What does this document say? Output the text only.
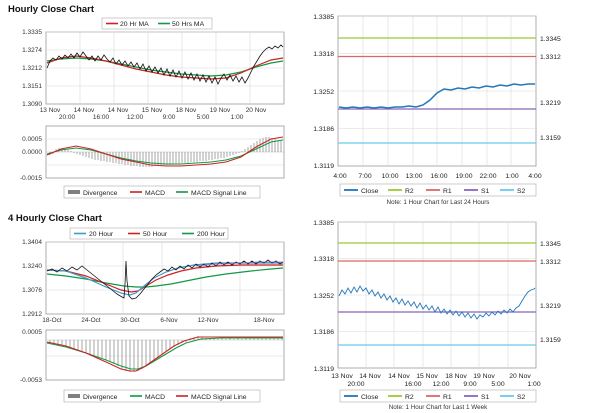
Hourly Close Chart
20 Hr MA	50 Hrs MA
1.3335
1.3274
1.3212
1.3151
1.3090
13 Nov 14 Nov 14 Nov 15 Nov 18 Nov 19 Nov 20 Nov
20:00	16:00	12:00	9:00	5:00	1:00
0.0005
0.0000
-0.0015
Divergence	MACD	MACD Signal Line
1.3385
1.3318
1.3252
1.3186
1.3119
1.3345
1.3312
1.3219
1.3159
4:00 7:00 10:00 13:00 16:00 19:00 22:00 1:00 4:00
Close	R2	R1	S1	S2
Note: 1 Hour Chart for Last 24 Hours
4 Hourly Close Chart
20 Hour	50 Hour	200 Hour
1.3404
1.3240
1.3076
1.2912
18-Oct	24-Oct	30-Oct	6-Nov	12-Nov	18-Nov
0.0005
-0.0053
Divergence	MACD	MACD Signal Line
1.3385
1.3318
1.3252
1.3186
1.3119
1.3345
1.3312
1.3219
1.3159
13 Nov 14 Nov 14 Nov 15 Nov 18 Nov 19 Nov 20 Nov
20:00	16:00 12:00 9:00 5:00	1:00
Close	R2	R1	S1	S2
Note: 1 Hour Chart for Last 1 Week
